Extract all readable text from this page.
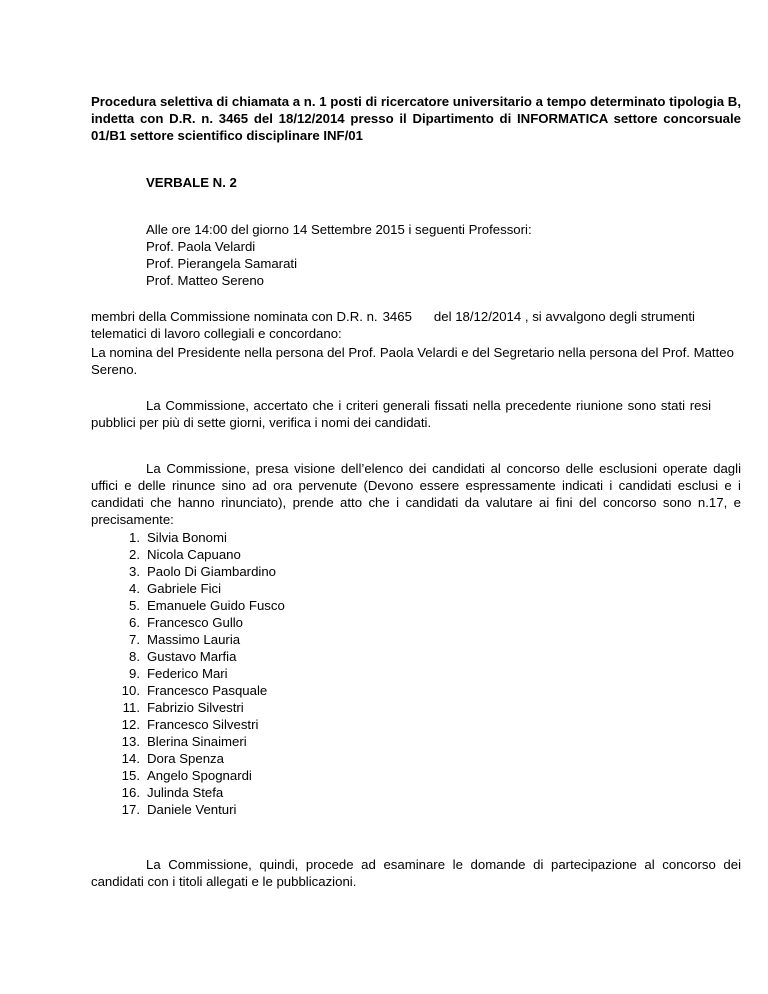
Procedura selettiva di chiamata a n. 1 posti di ricercatore universitario a tempo determinato tipologia B, indetta con D.R. n. 3465 del 18/12/2014 presso il Dipartimento di INFORMATICA settore concorsuale 01/B1 settore scientifico disciplinare INF/01
VERBALE N. 2
Alle ore 14:00 del giorno 14 Settembre 2015 i seguenti Professori:
Prof. Paola Velardi
Prof. Pierangela Samarati
Prof. Matteo Sereno
membri della Commissione nominata con D.R. n. 3465 del
18/12/2014
, si avvalgono degli strumenti
telematici di lavoro collegiali e concordano:
La nomina del Presidente nella persona del Prof. Paola Velardi e del Segretario nella persona del Prof. Matteo Sereno.
La Commissione, accertato che i criteri generali fissati nella precedente riunione sono stati resi pubblici per più di sette giorni, verifica i nomi dei candidati.
La Commissione, presa visione dell’elenco dei candidati al concorso delle esclusioni operate dagli uffici e delle rinunce sino ad ora pervenute (Devono essere espressamente indicati i candidati esclusi e i candidati che hanno rinunciato), prende atto che i candidati da valutare ai fini del concorso sono n.17, e precisamente:
1. Silvia Bonomi
2. Nicola Capuano
3. Paolo Di Giambardino
4. Gabriele Fici
5. Emanuele Guido Fusco
6. Francesco Gullo
7. Massimo Lauria
8. Gustavo Marfia
9. Federico Mari
10. Francesco Pasquale
11. Fabrizio Silvestri
12. Francesco Silvestri
13. Blerina Sinaimeri
14. Dora Spenza
15. Angelo Spognardi
16. Julinda Stefa
17. Daniele Venturi
La Commissione, quindi, procede ad esaminare le domande di partecipazione al concorso dei candidati con i titoli allegati e le pubblicazioni.
